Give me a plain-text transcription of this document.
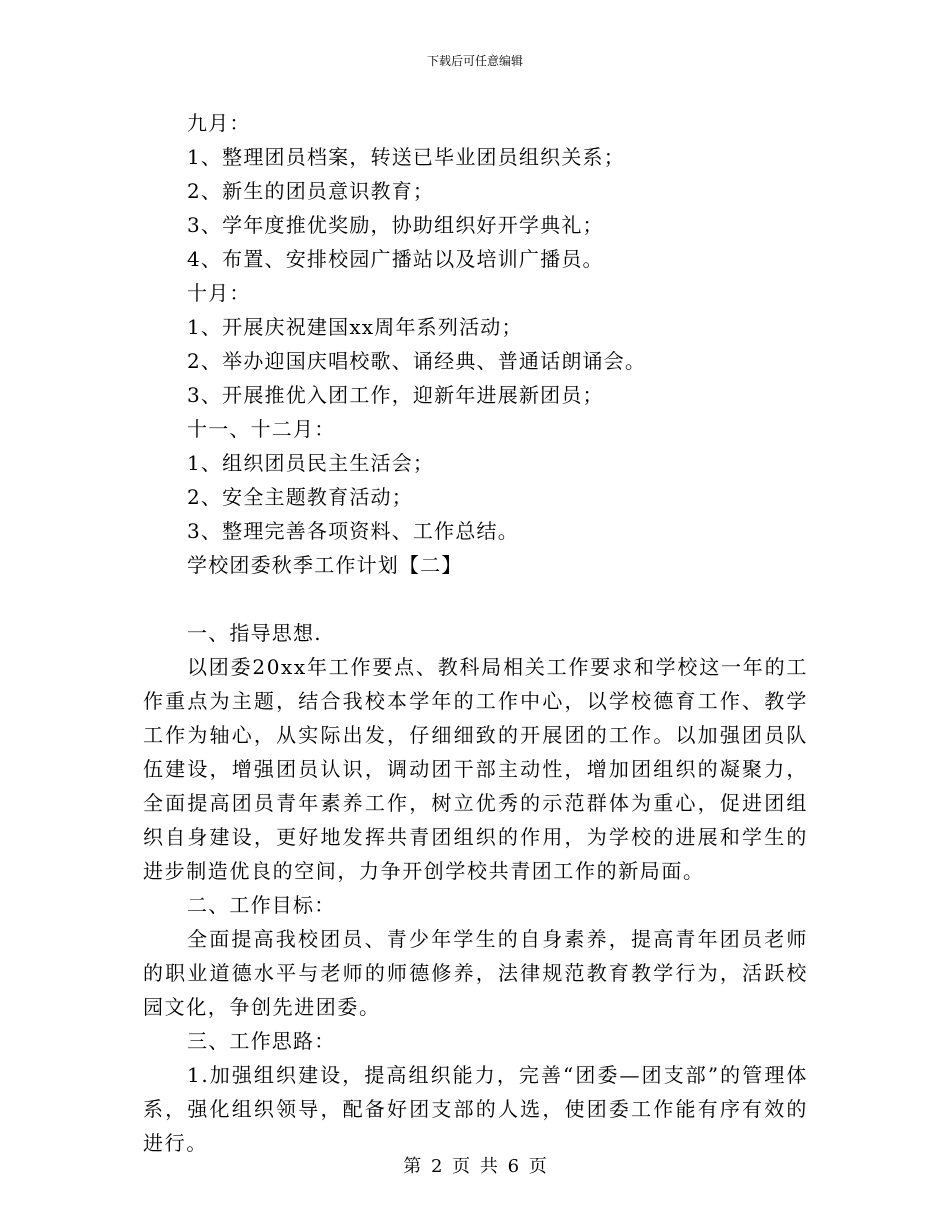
下载后可任意编辑
九月：
1、整理团员档案，转送已毕业团员组织关系；
2、新生的团员意识教育；
3、学年度推优奖励，协助组织好开学典礼；
4、布置、安排校园广播站以及培训广播员。
十月：
1、开展庆祝建国xx周年系列活动；
2、举办迎国庆唱校歌、诵经典、普通话朗诵会。
3、开展推优入团工作，迎新年进展新团员；
十一、十二月：
1、组织团员民主生活会；
2、安全主题教育活动；
3、整理完善各项资料、工作总结。
学校团委秋季工作计划【二】
一、指导思想.
以团委20xx年工作要点、教科局相关工作要求和学校这一年的工作重点为主题，结合我校本学年的工作中心，以学校德育工作、教学工作为轴心，从实际出发，仔细细致的开展团的工作。以加强团员队伍建设，增强团员认识，调动团干部主动性，增加团组织的凝聚力，全面提高团员青年素养工作，树立优秀的示范群体为重心，促进团组织自身建设，更好地发挥共青团组织的作用，为学校的进展和学生的进步制造优良的空间，力争开创学校共青团工作的新局面。
二、工作目标：
全面提高我校团员、青少年学生的自身素养，提高青年团员老师的职业道德水平与老师的师德修养，法律规范教育教学行为，活跃校园文化，争创先进团委。
三、工作思路：
1.加强组织建设，提高组织能力，完善“团委—团支部”的管理体系，强化组织领导，配备好团支部的人选，使团委工作能有序有效的进行。
第 2 页 共 6 页
